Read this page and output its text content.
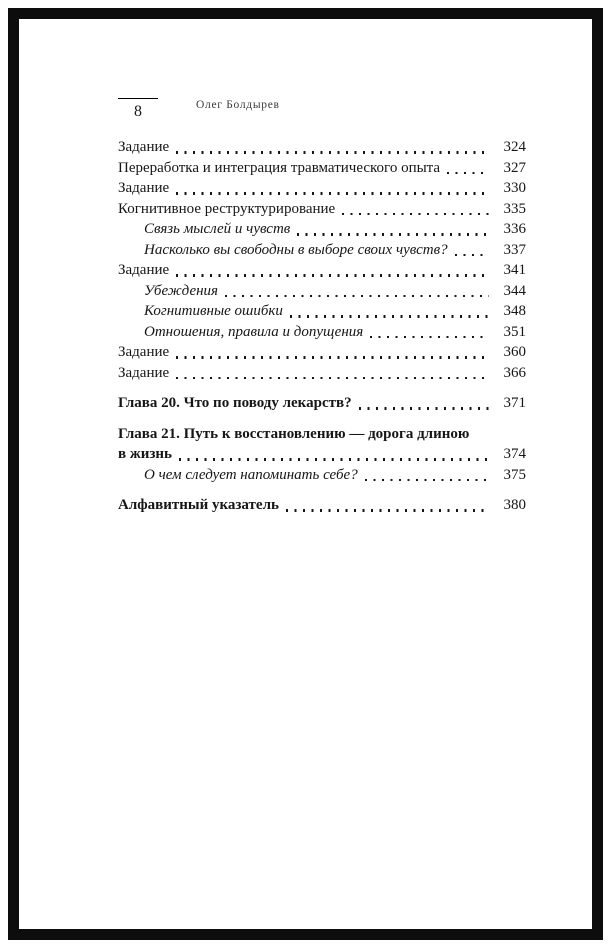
8	Олег Болдырев
Задание	324
Переработка и интеграция травматического опыта	327
Задание	330
Когнитивное реструктурирование	335
Связь мыслей и чувств	336
Насколько вы свободны в выборе своих чувств?	337
Задание	341
Убеждения	344
Когнитивные ошибки	348
Отношения, правила и допущения	351
Задание	360
Задание	366
Глава 20. Что по поводу лекарств?	371
Глава 21. Путь к восстановлению — дорога длиною
в жизнь	374
О чем следует напоминать себе?	375
Алфавитный указатель	380
